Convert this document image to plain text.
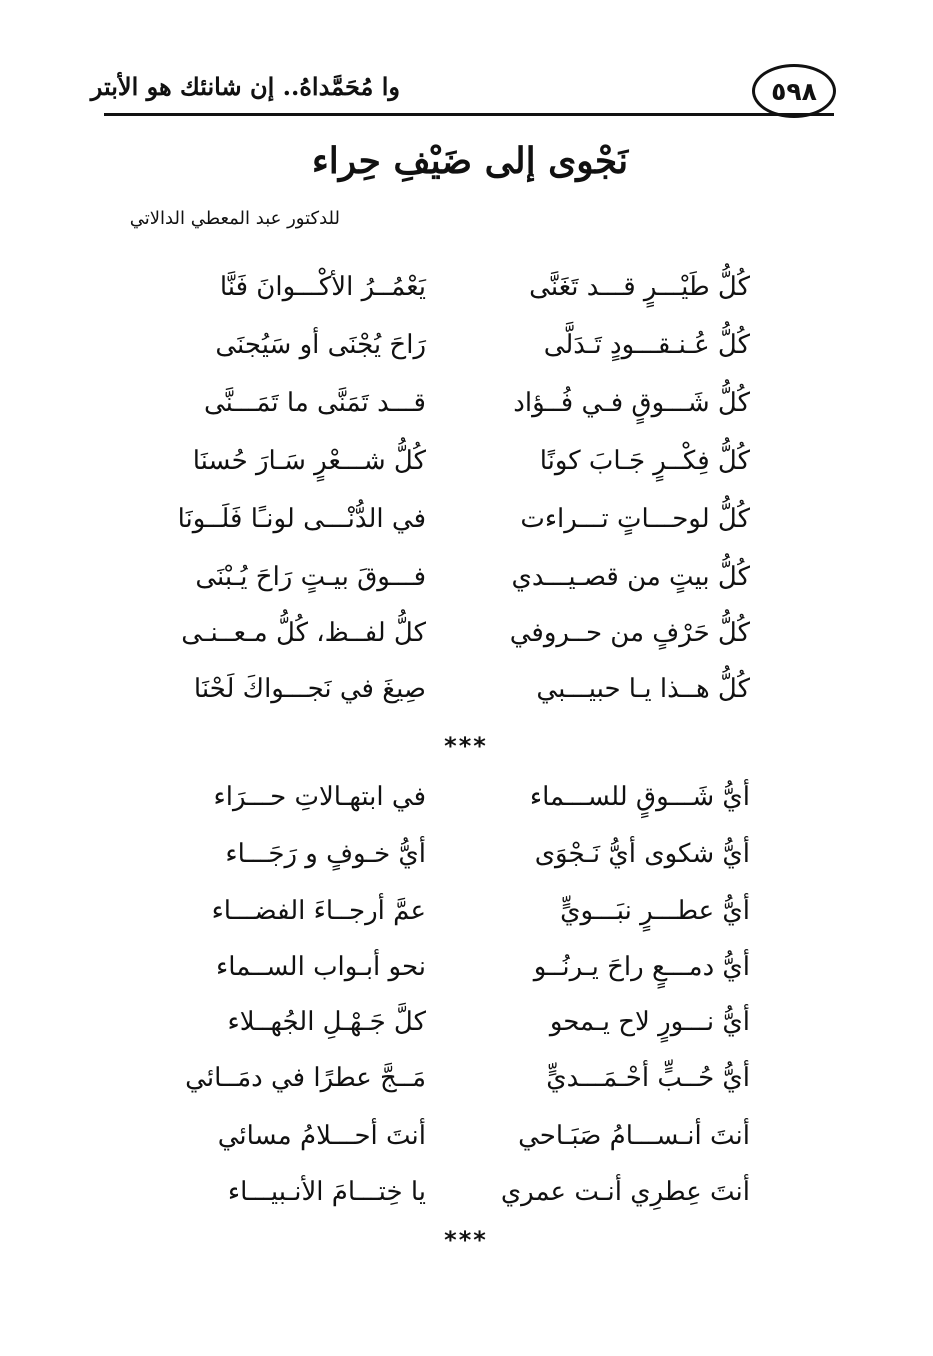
٥٩٨
وا مُحَمَّداهُ.. إن شانئك هو الأبتر
نَجْوى إلى ضَيْفِ حِراء
للدكتور عبد المعطي الدالاتي
كُلُّ طَيْـــرٍ قـــد تَغَنَّى
يَعْمُــرُ الأكْـــوانَ فَنَّا
كُلُّ عُـنـقـــودٍ تَـدَلَّى
رَاحَ يُجْنَى أو سَيُجنَى
كُلُّ شَـــوقٍ فـي فُــؤاد
قـــد تَمَنَّى ما تَمَـــنَّى
كُلُّ فِكْــرٍ جَـابَ كونًا
كُلُّ شـــعْرٍ سَـارَ حُسنَا
كُلُّ لوحـــاتٍ تـــراءت
في الدُّنْـــى لونـًا فَلَــونَا
كُلُّ بيتٍ من قصـيـــدي
فـــوقَ بيـتٍ رَاحَ يُـبْنَى
كُلُّ حَرْفٍ من حــروفي
كلُّ لفــظ، كُلُّ مـعــنـى
كُلُّ هــذا يـا حبيـــبي
صِيغَ في نَجـــواكَ لَحْنَا
***
أيُّ شَـــوقٍ للســـماء
في ابتهـالاتِ حـــرَاء
أيُّ شكوى أيُّ نَـجْوَى
أيُّ خـوفٍ و رَجَـــاء
أيُّ عطـــرٍ نبَـــويٍّ
عمَّ أرجــاءَ الفضـــاء
أيُّ دمـــعٍ راحَ يـرنُــو
نحو أبـواب الســماء
أيُّ نـــورٍ لاح يـمحو
كلَّ جَـهْـلِ الجُهــلاء
أيُّ حُــبٍّ أحْـمَـــديٍّ
مَــجَّ عطرًا في دمَــائي
أنتَ أنـســـامُ صَبَـاحي
أنتَ أحـــلامُ مسائي
أنتَ عِطرِي أنـت عمري
يا خِتـــامَ الأنـبيـــاء
***
